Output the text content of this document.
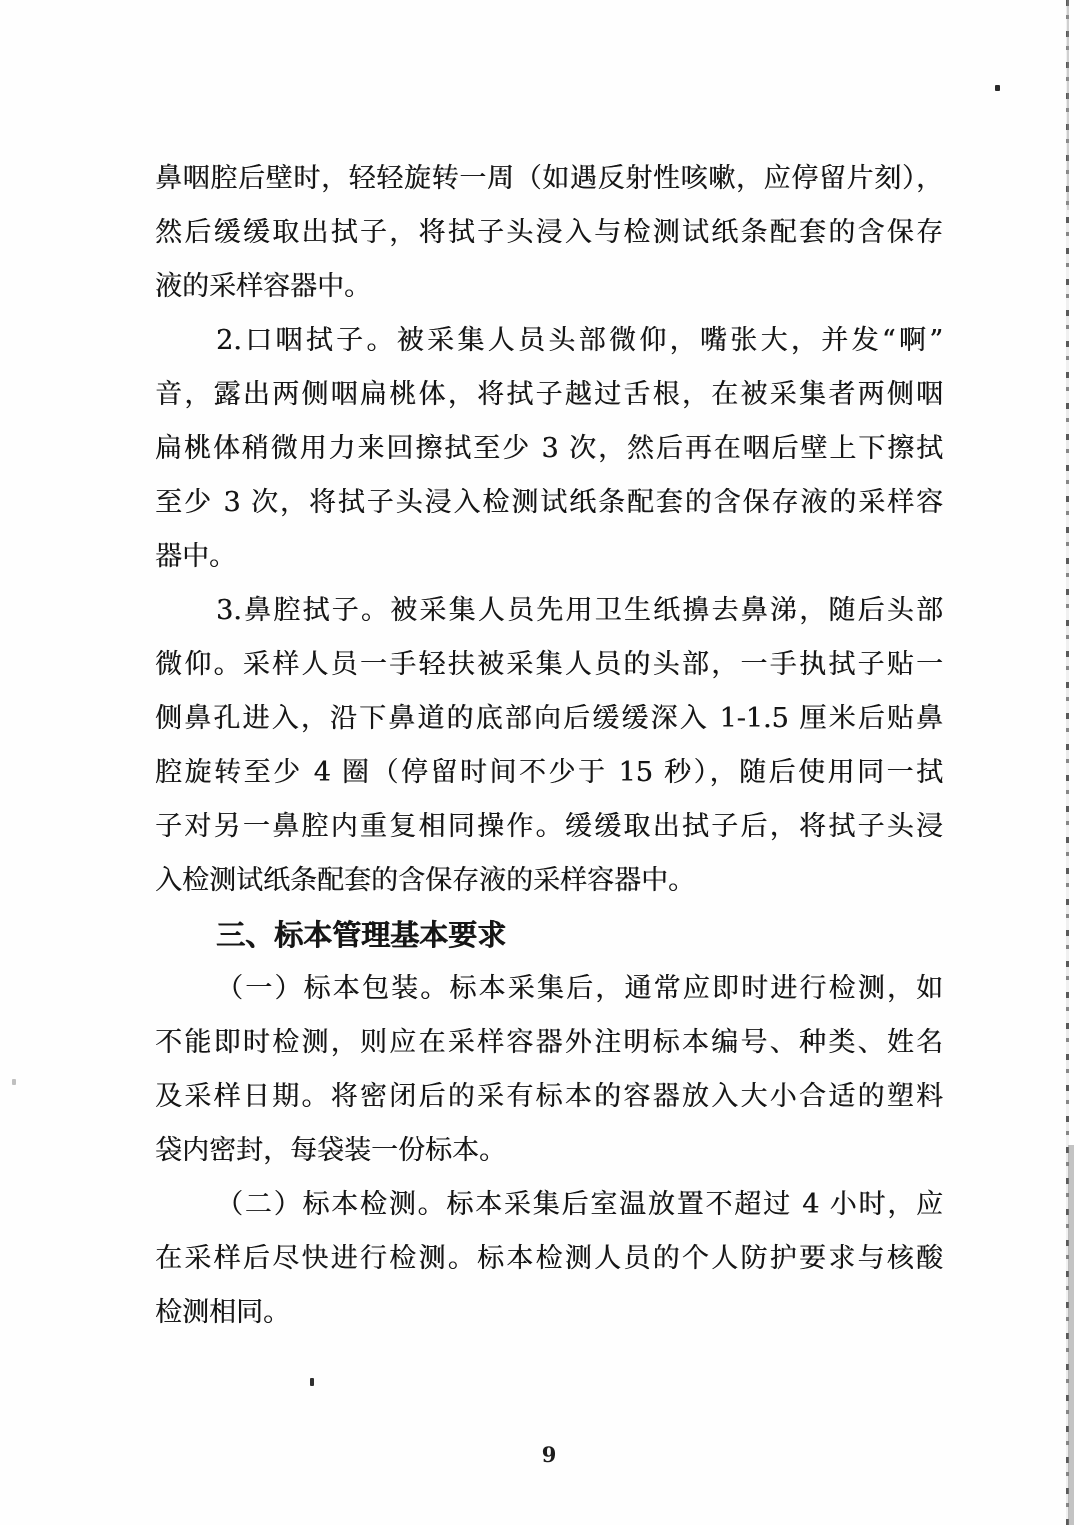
鼻咽腔后壁时，轻轻旋转一周（如遇反射性咳嗽，应停留片刻），
然后缓缓取出拭子，将拭子头浸入与检测试纸条配套的含保存
液的采样容器中。
2.口咽拭子。被采集人员头部微仰，嘴张大，并发“啊”
音，露出两侧咽扁桃体，将拭子越过舌根，在被采集者两侧咽
扁桃体稍微用力来回擦拭至少 3 次，然后再在咽后壁上下擦拭
至少 3 次，将拭子头浸入检测试纸条配套的含保存液的采样容
器中。
3.鼻腔拭子。被采集人员先用卫生纸擤去鼻涕，随后头部
微仰。采样人员一手轻扶被采集人员的头部，一手执拭子贴一
侧鼻孔进入，沿下鼻道的底部向后缓缓深入 1-1.5 厘米后贴鼻
腔旋转至少 4 圈（停留时间不少于 15 秒），随后使用同一拭
子对另一鼻腔内重复相同操作。缓缓取出拭子后，将拭子头浸
入检测试纸条配套的含保存液的采样容器中。
三、标本管理基本要求
（一）标本包装。标本采集后，通常应即时进行检测，如
不能即时检测，则应在采样容器外注明标本编号、种类、姓名
及采样日期。将密闭后的采有标本的容器放入大小合适的塑料
袋内密封，每袋装一份标本。
（二）标本检测。标本采集后室温放置不超过 4 小时，应
在采样后尽快进行检测。标本检测人员的个人防护要求与核酸
检测相同。
9
